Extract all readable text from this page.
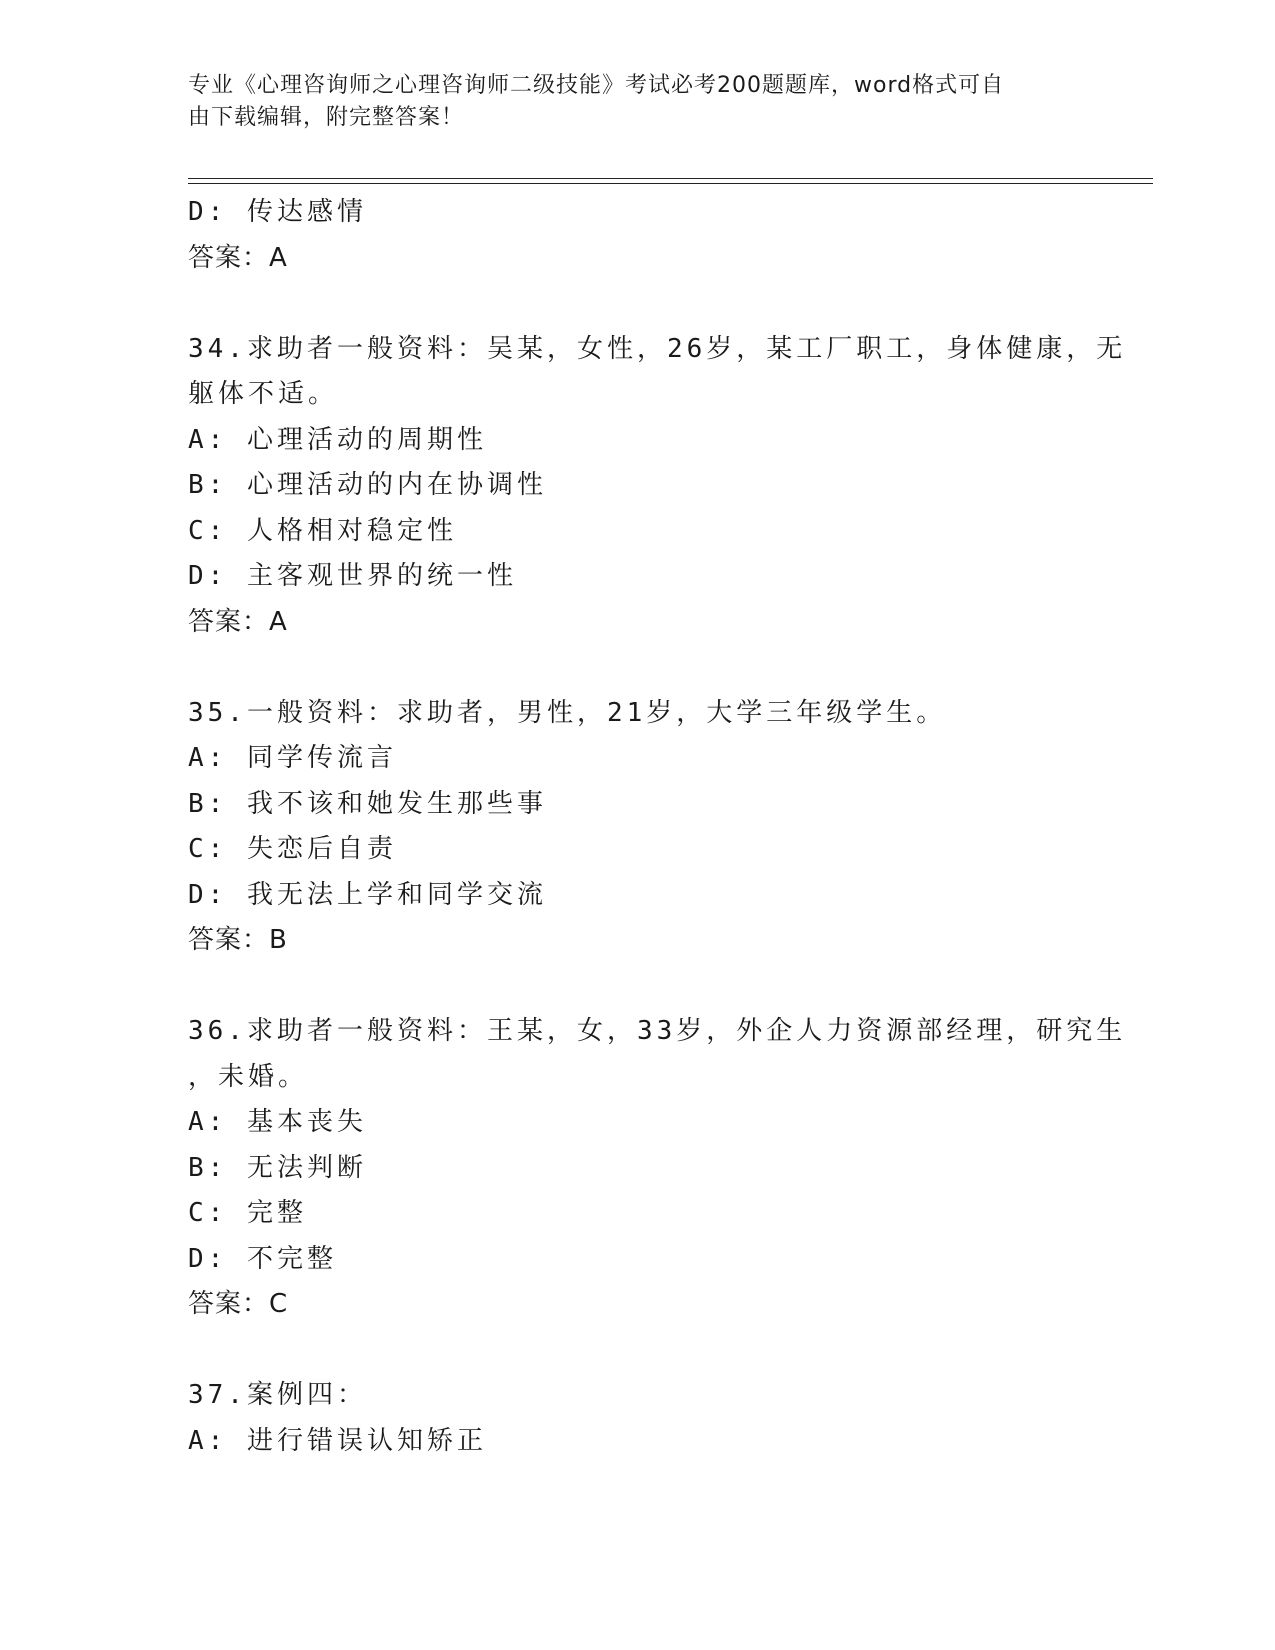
专业《心理咨询师之心理咨询师二级技能》考试必考200题题库，word格式可自
由下载编辑，附完整答案！
D: 传达感情
答案：A
34.求助者一般资料：吴某，女性，26岁，某工厂职工，身体健康，无
躯体不适。
A: 心理活动的周期性
B: 心理活动的内在协调性
C: 人格相对稳定性
D: 主客观世界的统一性
答案：A
35.一般资料：求助者，男性，21岁，大学三年级学生。
A: 同学传流言
B: 我不该和她发生那些事
C: 失恋后自责
D: 我无法上学和同学交流
答案：B
36.求助者一般资料：王某，女，33岁，外企人力资源部经理，研究生
，未婚。
A: 基本丧失
B: 无法判断
C: 完整
D: 不完整
答案：C
37.案例四：
A: 进行错误认知矫正
